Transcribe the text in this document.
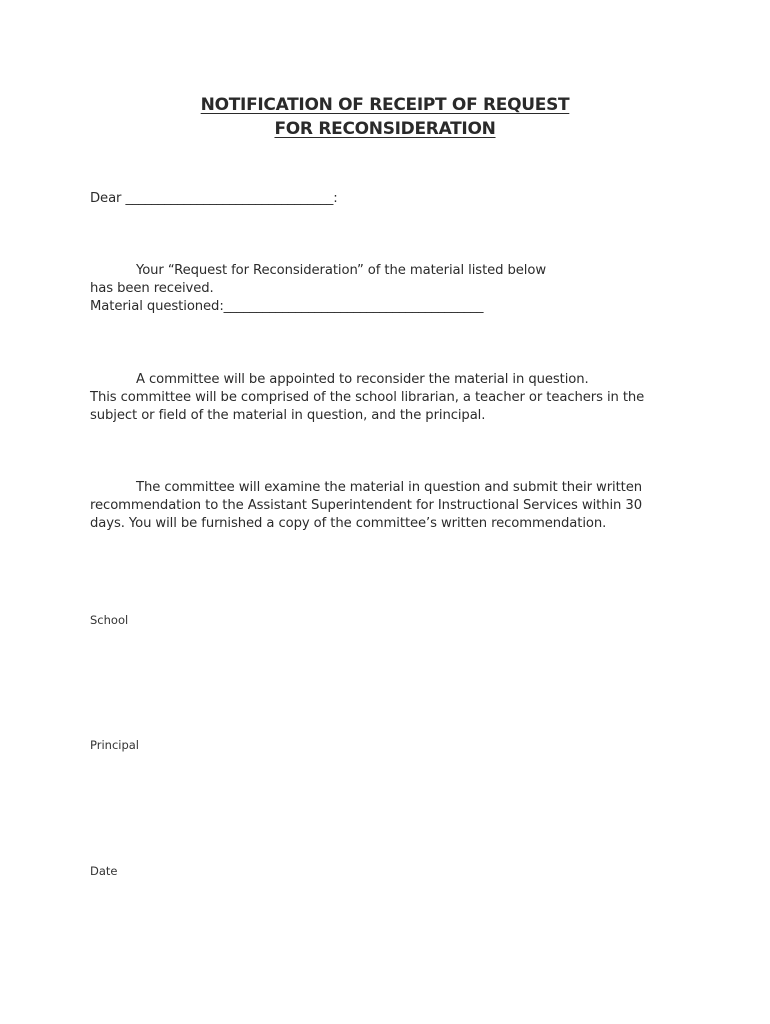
NOTIFICATION OF RECEIPT OF REQUEST
FOR RECONSIDERATION
Dear ________________________________:
Your “Request for Reconsideration” of the material listed below
has been received.
Material questioned:________________________________________
A committee will be appointed to reconsider the material in question.
This committee will be comprised of the school librarian, a teacher or teachers in the
subject or field of the material in question, and the principal.
The committee will examine the material in question and submit their written
recommendation to the Assistant Superintendent for Instructional Services within 30
days. You will be furnished a copy of the committee’s written recommendation.
School
Principal
Date
